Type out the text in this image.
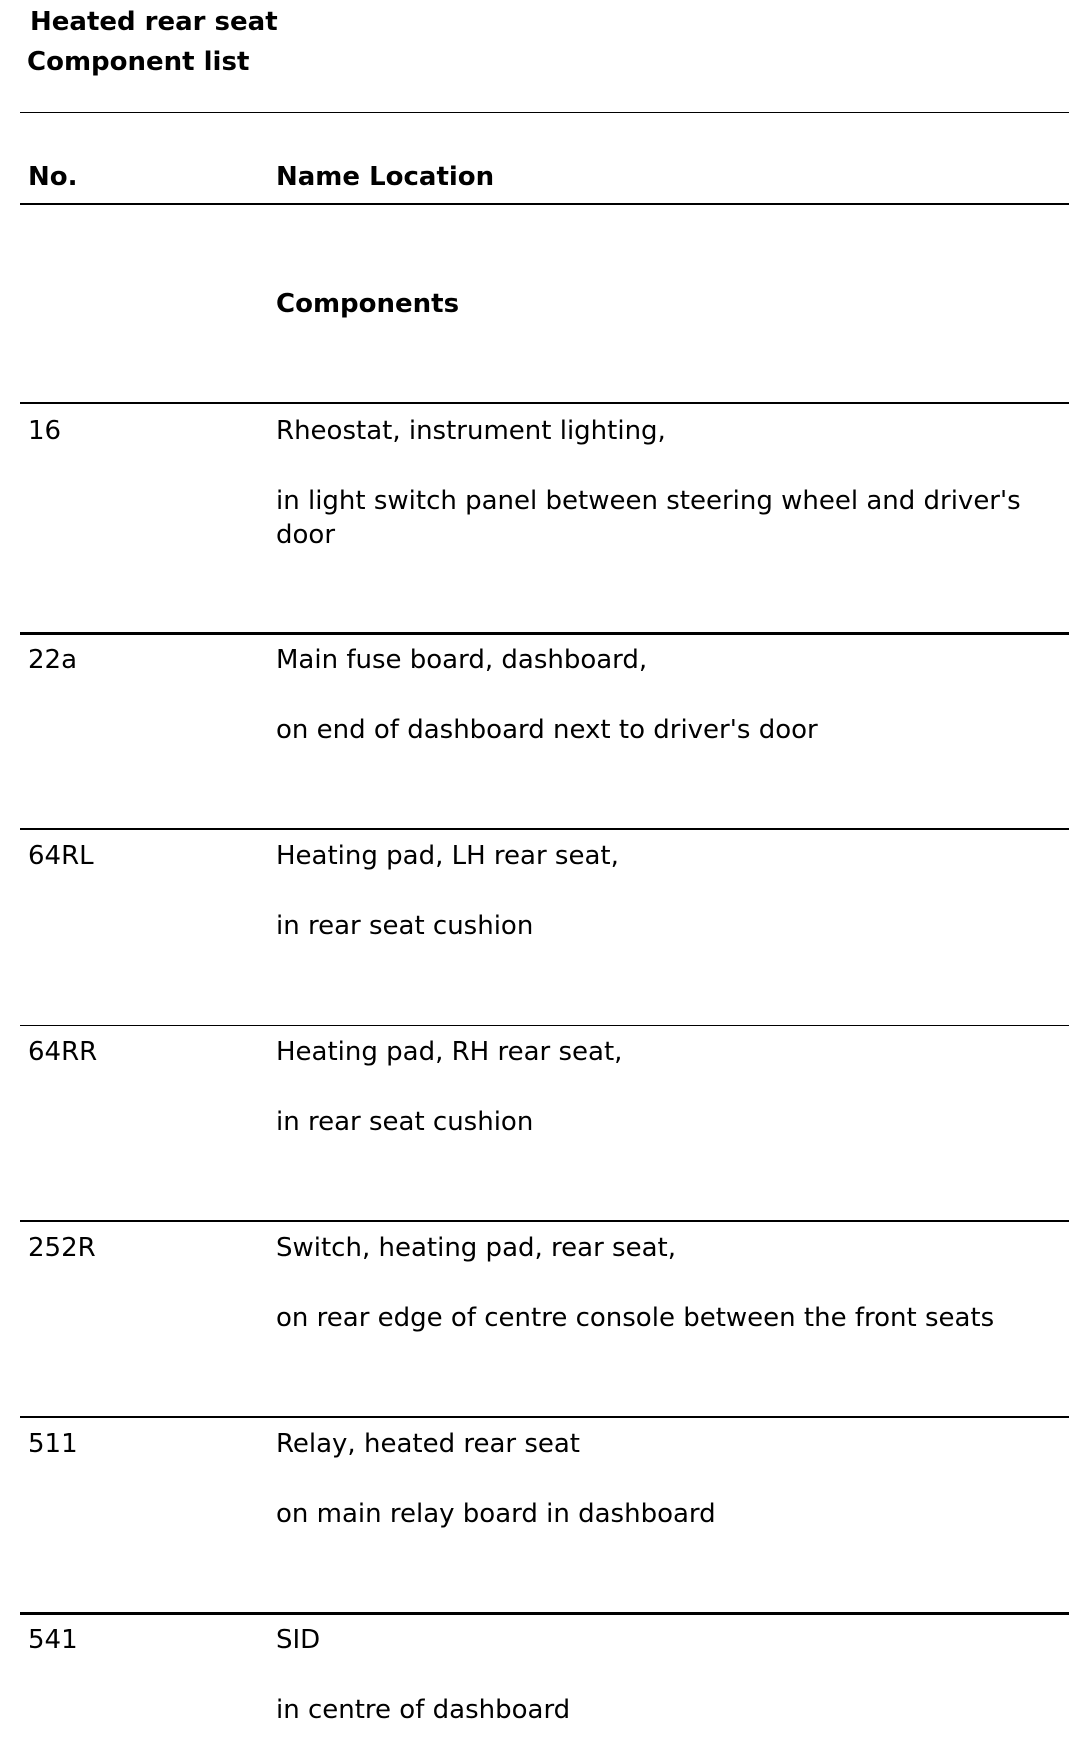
Heated rear seat
Component list
No.	Name Location
Components
16	Rheostat, instrument lighting,
in light switch panel between steering wheel and driver's door
22a	Main fuse board, dashboard,
on end of dashboard next to driver's door
64RL	Heating pad, LH rear seat,
in rear seat cushion
64RR	Heating pad, RH rear seat,
in rear seat cushion
252R	Switch, heating pad, rear seat,
on rear edge of centre console between the front seats
511	Relay, heated rear seat
on main relay board in dashboard
541	SID
in centre of dashboard
